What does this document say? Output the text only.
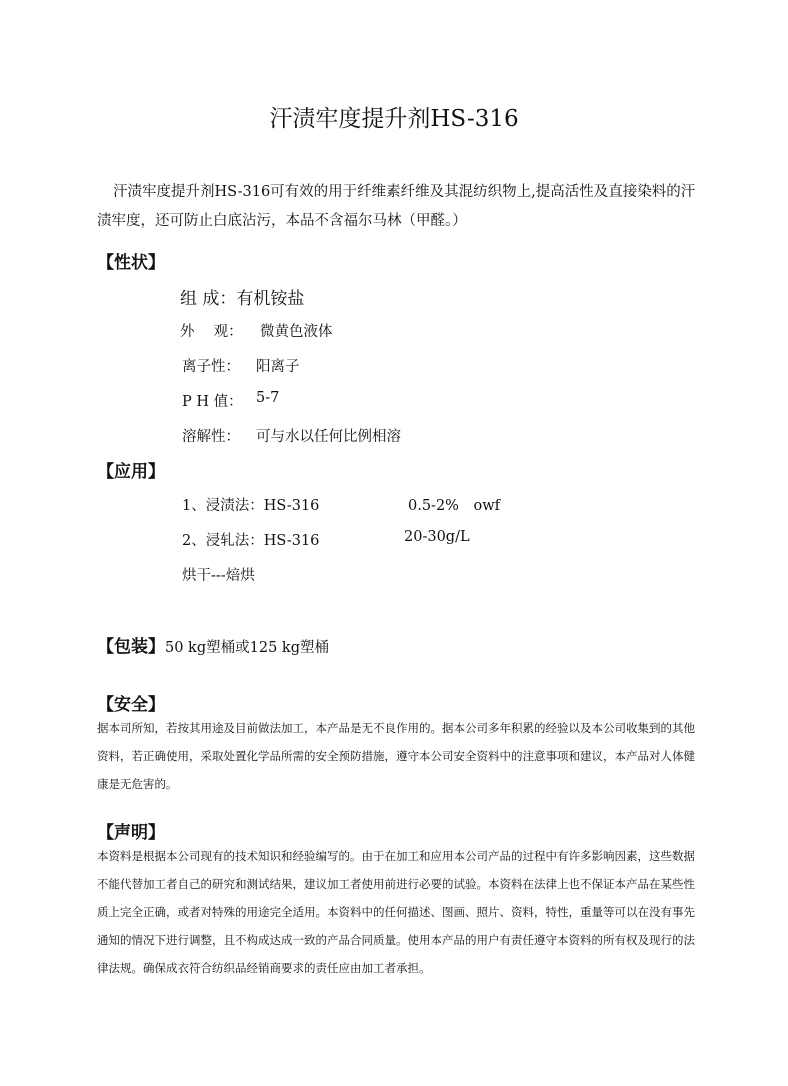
汗渍牢度提升剂HS-316
汗渍牢度提升剂HS-316可有效的用于纤维素纤维及其混纺织物上,提高活性及直接染料的汗渍牢度，还可防止白底沾污，本品不含福尔马林（甲醛。）
【性状】
组 成：有机铵盐
外　 观： 微黄色液体
离子性： 阳离子
P H 值： 5-7
溶解性： 可与水以任何比例相溶
【应用】
1、浸渍法：HS-316	0.5-2%　owf
2、浸轧法：HS-316	20-30g/L
烘干---焙烘
【包装】50 kg塑桶或125 kg塑桶
【安全】
据本司所知，若按其用途及目前做法加工，本产品是无不良作用的。据本公司多年积累的经验以及本公司收集到的其他资料，若正确使用，采取处置化学品所需的安全预防措施，遵守本公司安全资料中的注意事项和建议，本产品对人体健康是无危害的。
【声明】
本资料是根据本公司现有的技术知识和经验编写的。由于在加工和应用本公司产品的过程中有许多影响因素，这些数据不能代替加工者自己的研究和测试结果，建议加工者使用前进行必要的试验。本资料在法律上也不保证本产品在某些性质上完全正确，或者对特殊的用途完全适用。本资料中的任何描述、图画、照片、资料，特性，重量等可以在没有事先通知的情况下进行调整，且不构成达成一致的产品合同质量。使用本产品的用户有责任遵守本资料的所有权及现行的法律法规。确保成衣符合纺织品经销商要求的责任应由加工者承担。
